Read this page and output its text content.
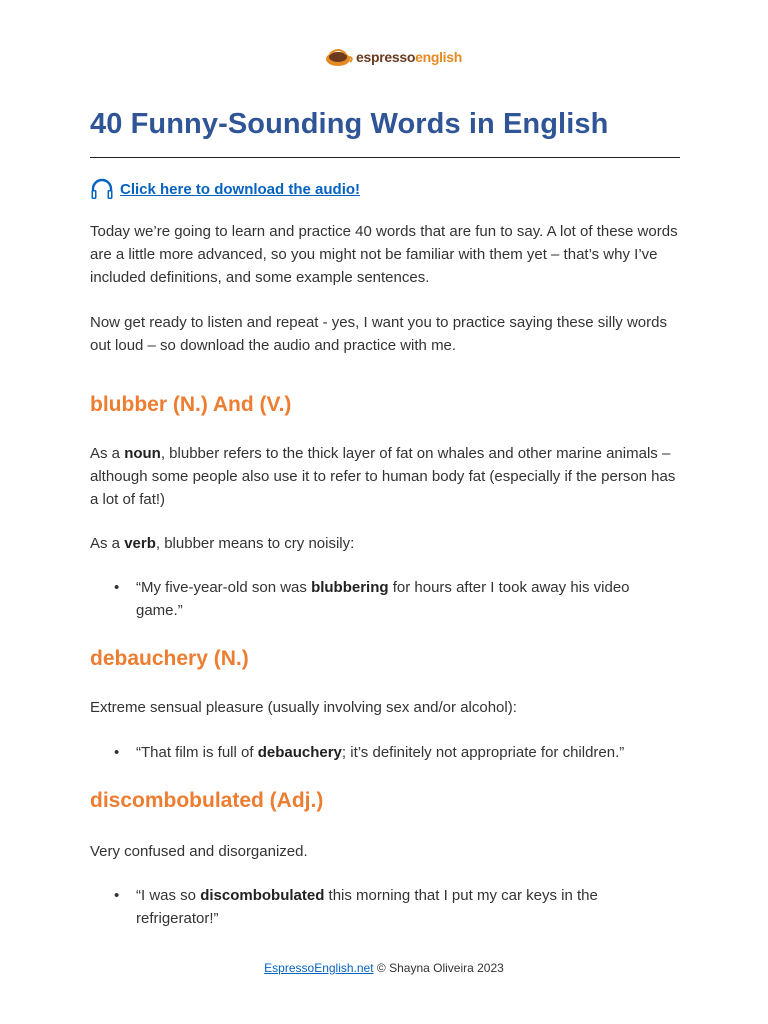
espressoenglish
40 Funny-Sounding Words in English
Click here to download the audio!

Today we’re going to learn and practice 40 words that are fun to say. A lot of these words are a little more advanced, so you might not be familiar with them yet – that’s why I’ve included definitions, and some example sentences.

Now get ready to listen and repeat - yes, I want you to practice saying these silly words out loud – so download the audio and practice with me.

blubber (N.) And (V.)

As a noun, blubber refers to the thick layer of fat on whales and other marine animals – although some people also use it to refer to human body fat (especially if the person has a lot of fat!)

As a verb, blubber means to cry noisily:

• “My five-year-old son was blubbering for hours after I took away his video game.”
debauchery (N.)

Extreme sensual pleasure (usually involving sex and/or alcohol):

• “That film is full of debauchery; it’s definitely not appropriate for children.”
discombobulated (Adj.)

Very confused and disorganized.

• “I was so discombobulated this morning that I put my car keys in the refrigerator!”
EspressoEnglish.net © Shayna Oliveira 2023
